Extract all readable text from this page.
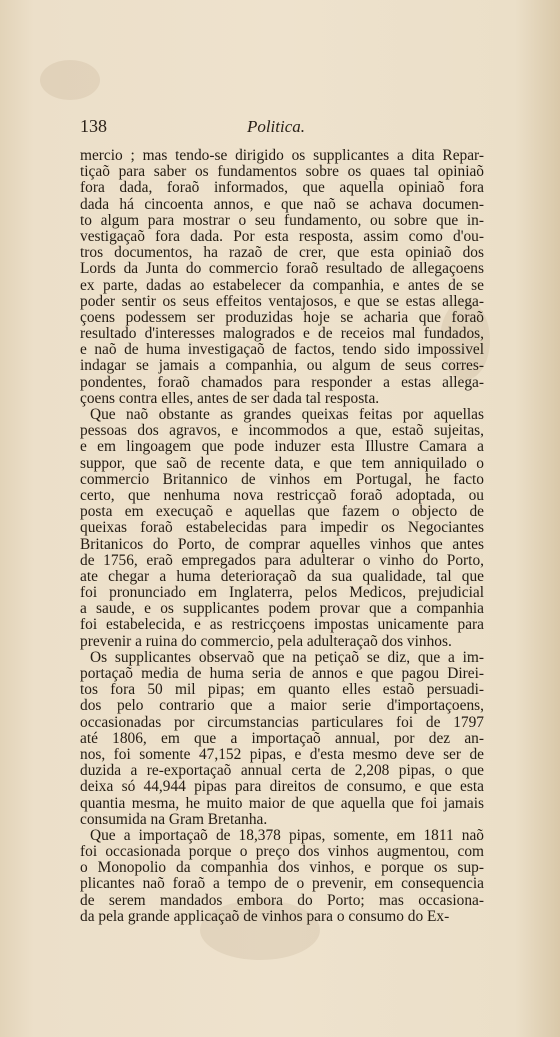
138	Politica.
mercio ; mas tendo-se dirigido os supplicantes a dita Repar-
tiçaõ para saber os fundamentos sobre os quaes tal opiniaõ
fora dada, foraõ informados, que aquella opiniaõ fora
dada há cincoenta annos, e que naõ se achava documen-
to algum para mostrar o seu fundamento, ou sobre que in-
vestigaçaõ fora dada. Por esta resposta, assim como d'ou-
tros documentos, ha razaõ de crer, que esta opiniaõ dos
Lords da Junta do commercio foraõ resultado de allegaçoens
ex parte, dadas ao estabelecer da companhia, e antes de se
poder sentir os seus effeitos ventajosos, e que se estas allega-
çoens podessem ser produzidas hoje se acharia que foraõ
resultado d'interesses malogrados e de receios mal fundados,
e naõ de huma investigaçaõ de factos, tendo sido impossivel
indagar se jamais a companhia, ou algum de seus corres-
pondentes, foraõ chamados para responder a estas allega-
çoens contra elles, antes de ser dada tal resposta.
Que naõ obstante as grandes queixas feitas por aquellas
pessoas dos agravos, e incommodos a que, estaõ sujeitas,
e em lingoagem que pode induzer esta Illustre Camara a
suppor, que saõ de recente data, e que tem anniquilado o
commercio Britannico de vinhos em Portugal, he facto
certo, que nenhuma nova restricçaõ foraõ adoptada, ou
posta em execuçaõ e aquellas que fazem o objecto de
queixas foraõ estabelecidas para impedir os Negociantes
Britanicos do Porto, de comprar aquelles vinhos que antes
de 1756, eraõ empregados para adulterar o vinho do Porto,
ate chegar a huma deterioraçaõ da sua qualidade, tal que
foi pronunciado em Inglaterra, pelos Medicos, prejudicial
a saude, e os supplicantes podem provar que a companhia
foi estabelecida, e as restricçoens impostas unicamente para
prevenir a ruina do commercio, pela adulteraçaõ dos vinhos.
Os supplicantes observaõ que na petiçaõ se diz, que a im-
portaçaõ media de huma seria de annos e que pagou Direi-
tos fora 50 mil pipas; em quanto elles estaõ persuadi-
dos pelo contrario que a maior serie d'importaçoens,
occasionadas por circumstancias particulares foi de 1797
até 1806, em que a importaçaõ annual, por dez an-
nos, foi somente 47,152 pipas, e d'esta mesmo deve ser de
duzida a re-exportaçaõ annual certa de 2,208 pipas, o que
deixa só 44,944 pipas para direitos de consumo, e que esta
quantia mesma, he muito maior de que aquella que foi jamais
consumida na Gram Bretanha.
Que a importaçaõ de 18,378 pipas, somente, em 1811 naõ
foi occasionada porque o preço dos vinhos augmentou, com
o Monopolio da companhia dos vinhos, e porque os sup-
plicantes naõ foraõ a tempo de o prevenir, em consequencia
de serem mandados embora do Porto; mas occasiona-
da pela grande applicaçaõ de vinhos para o consumo do Ex-
